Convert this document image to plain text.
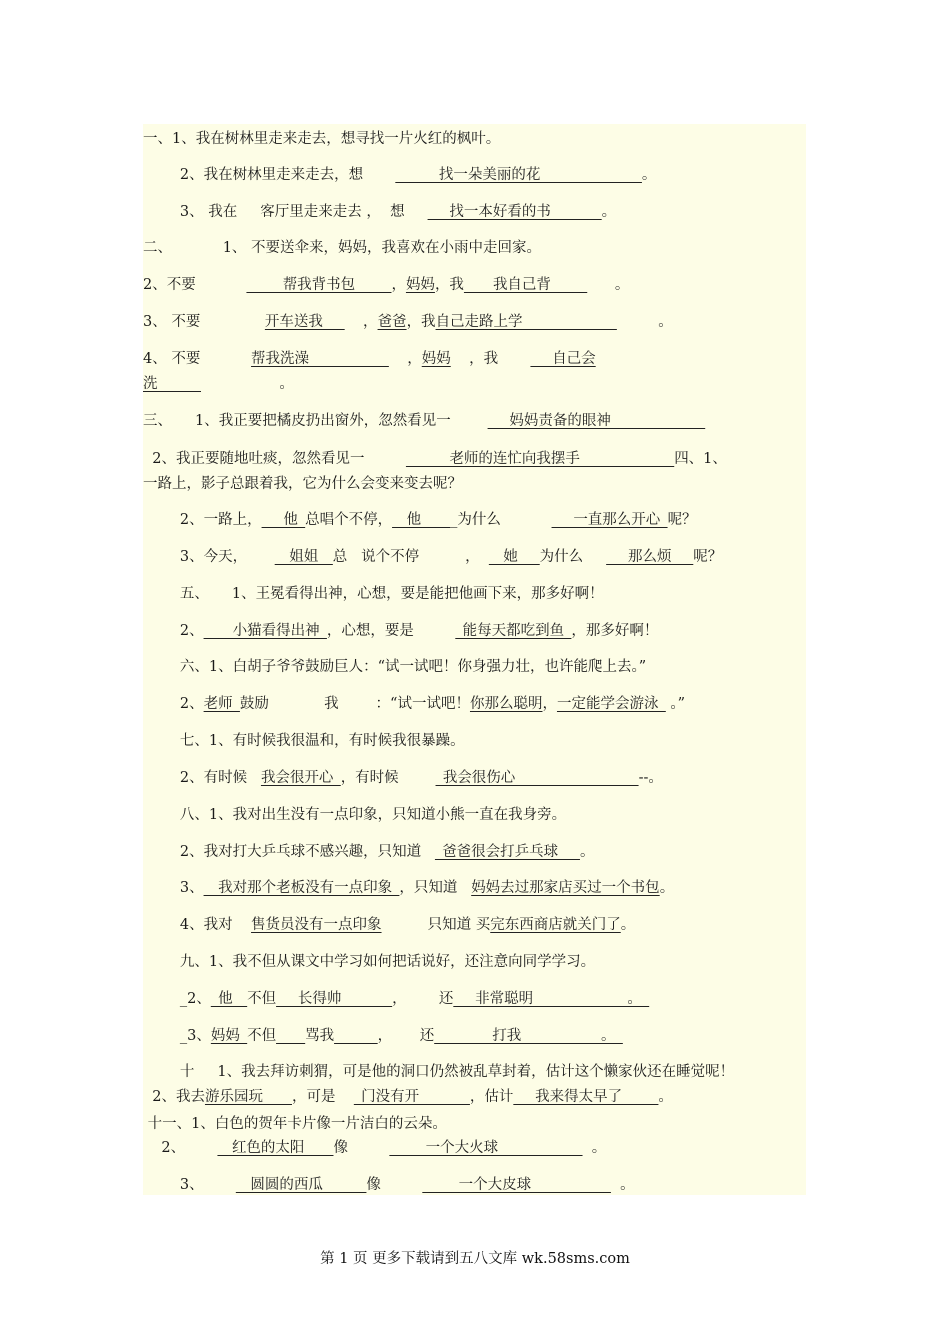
一、1、我在树林里走来走去，想寻找一片火红的枫叶。
2、我在树林里走来走去，想       ______找一朵美丽的花______________。
3、 我在     客厅里走来走去 ，  想     ___找一本好看的书_______。
二、           1、 不要送伞来，妈妈，我喜欢在小雨中走回家。
2、不要           _____帮我背书包_____，妈妈，我____我自己背_____      。
3、 不要              开车送我___    ，爸爸，我自己走路上学_____________         。
4、 不要           帮我洗澡___________    ，妈妈    ，我       ___自己会
洗______                 。
三、     1、我正要把橘皮扔出窗外，忽然看见一        ___妈妈责备的眼神_____________
2、我正要随地吐痰，忽然看见一         ______老师的连忙向我摆手_____________四、1、
一路上，影子总跟着我，它为什么会变来变去呢？
2、一路上，___他_总唱个不停，__他_____为什么           ___一直那么开心_呢？
3、今天，      __姐姐__总   说个不停          ，  __她___为什么     ___那么烦___呢？
五、     1、王冕看得出神，心想，要是能把他画下来，那多好啊！
2、____小猫看得出神_，心想，要是         _能每天都吃到鱼_，那多好啊！
六、1、白胡子爷爷鼓励巨人：“试一试吧！你身强力壮，也许能爬上去。”
2、老师_鼓励            我        ：“试一试吧！你那么聪明，一定能学会游泳_ 。”
七、1、有时候我很温和，有时候我很暴躁。
2、有时候   我会很开心_，有时候        _我会很伤心_________________--。
八、1、我对出生没有一点印象，只知道小熊一直在我身旁。
2、我对打大乒乓球不感兴趣，只知道   _爸爸很会打乒乓球___。
3、__我对那个老板没有一点印象_，只知道   妈妈去过那家店买过一个书包。
4、我对    售货员没有一点印象          只知道 买完东西商店就关门了。
九、1、我不但从课文中学习如何把话说好，还注意向同学学习。
_2、_他__不但___长得帅_______，       还___非常聪明_____________。_
_3、妈妈_不但____骂我______，      还________打我___________。_
十     1、我去拜访刺猬，可是他的洞口仍然被乱草封着，估计这个懒家伙还在睡觉呢！
2、我去游乐园玩____，可是    _门没有开_______，估计___我来得太早了_____。
十一、1、白色的贺年卡片像一片洁白的云朵。
2、       __红色的太阳____像         _____一个大火球__________ _  。
3、       __圆圆的西瓜______像         _____一个大皮球___________  。
第 1 页 更多下载请到五八文库 wk.58sms.com
